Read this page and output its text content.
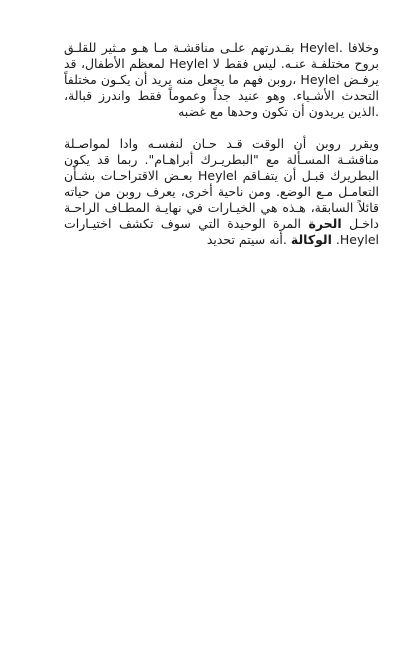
وخلافا .Heylel بقـدرتهم علـى مناقشـة مـا هـو مـثير للقلـق بروح مختلفـة عنـه. ليس فقط لا Heylel لمعظم الأطفال، قد يرفـض Heylel ،روبن فهم ما يجعل منه يريد أن يكـون مختلفاً التحدث الأشـياء. وهو عنيد جداً وعموماً فقط واندرز قبالة، .الذين يريدون أن تكون وحدها مع غضبه

ويقرر روبن أن الوقت قـد حـان لنفسـه وادا لمواصـلة مناقشـة المسـألة مع "البطريـرك أبراهـام". ربما قد يكون البطريرك قبـل أن يتفـاقم Heylel بعـض الاقتراحـات بشـأن التعامـل مـع الوضع. ومن ناحية أخرى، يعرف روبن من حياته قائلاً السابقة، هـذه هي الخيـارات في نهايـة المطـاف الراحـة داخـل الحرة المرة الوحيدة التي سوف تكشف اختيـارات Heylel. الوكالة .أنه سيتم تحديد
